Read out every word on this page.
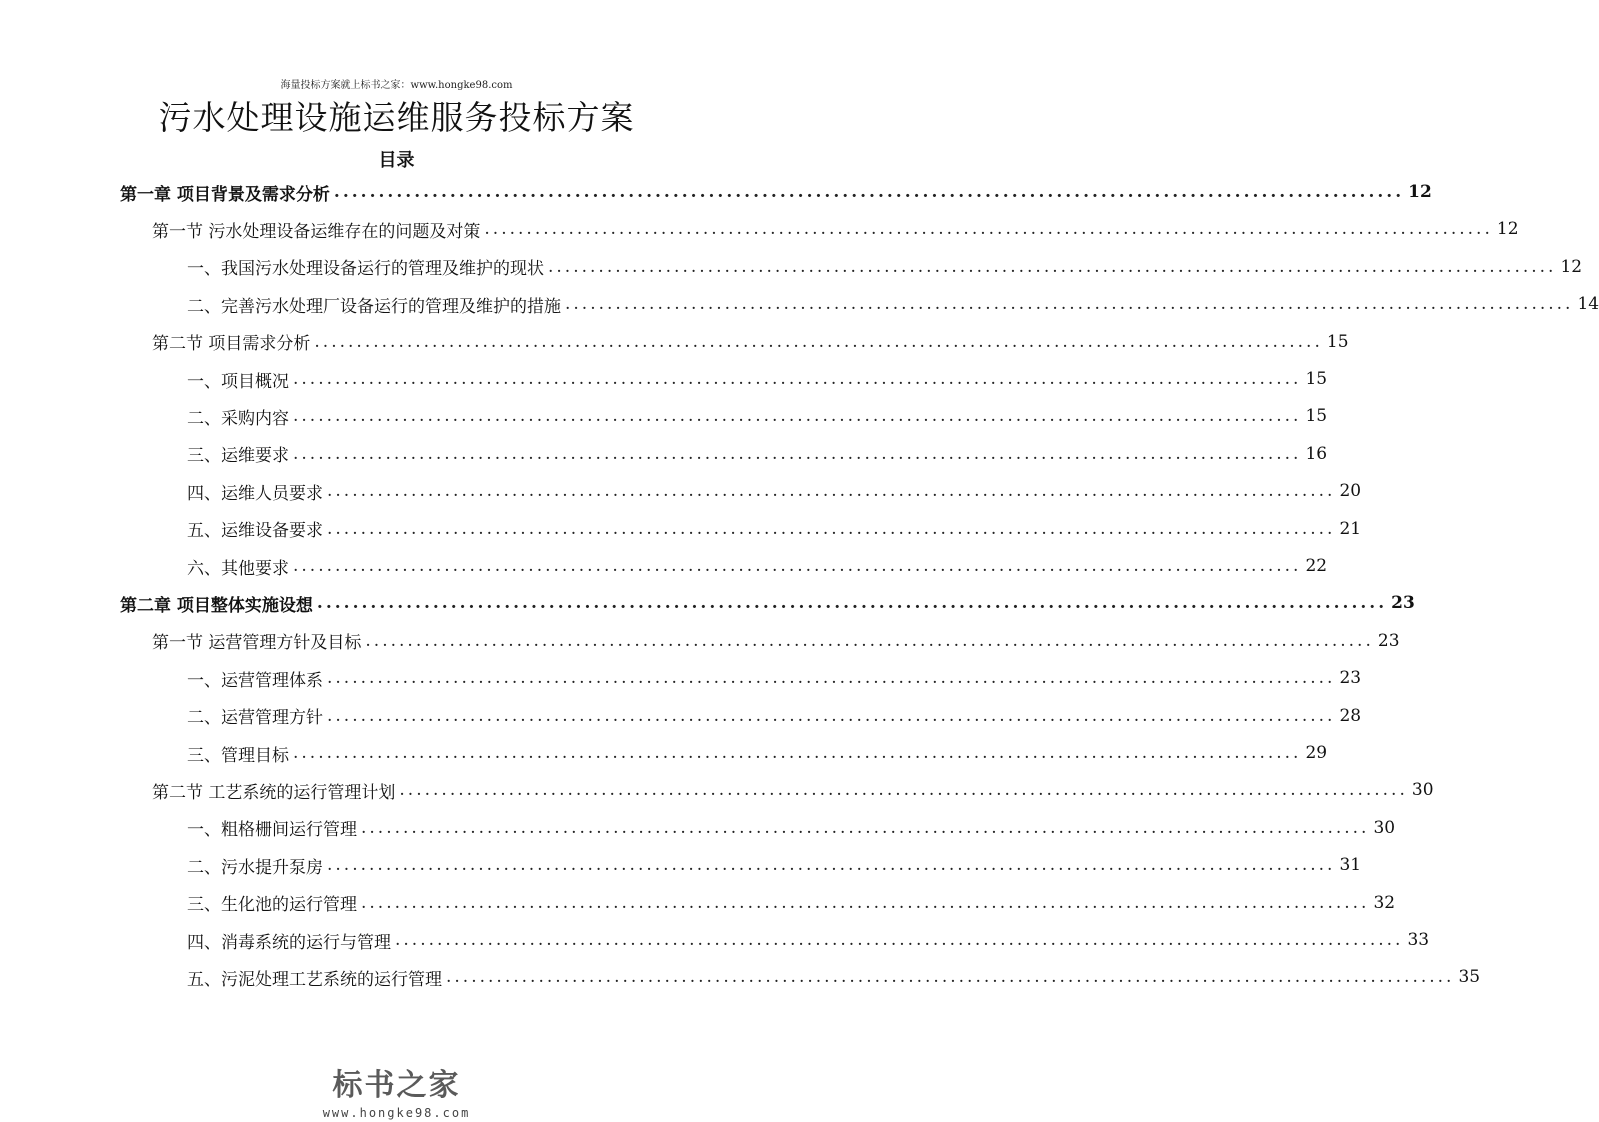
海量投标方案就上标书之家：www.hongke98.com
污水处理设施运维服务投标方案
目录
第一章 项目背景及需求分析 ........................................................................................................................ 12
第一节 污水处理设备运维存在的问题及对策 ........................................................................................................................ 12
一、我国污水处理设备运行的管理及维护的现状 ........................................................................................................................ 12
二、完善污水处理厂设备运行的管理及维护的措施 ........................................................................................................................ 14
第二节 项目需求分析 ........................................................................................................................ 15
一、项目概况 ........................................................................................................................ 15
二、采购内容 ........................................................................................................................ 15
三、运维要求 ........................................................................................................................ 16
四、运维人员要求 ........................................................................................................................ 20
五、运维设备要求 ........................................................................................................................ 21
六、其他要求 ........................................................................................................................ 22
第二章 项目整体实施设想 ........................................................................................................................ 23
第一节 运营管理方针及目标 ........................................................................................................................ 23
一、运营管理体系 ........................................................................................................................ 23
二、运营管理方针 ........................................................................................................................ 28
三、管理目标 ........................................................................................................................ 29
第二节 工艺系统的运行管理计划 ........................................................................................................................ 30
一、粗格栅间运行管理 ........................................................................................................................ 30
二、污水提升泵房 ........................................................................................................................ 31
三、生化池的运行管理 ........................................................................................................................ 32
四、消毒系统的运行与管理 ........................................................................................................................ 33
五、污泥处理工艺系统的运行管理 ........................................................................................................................ 35
标书之家
www.hongke98.com
